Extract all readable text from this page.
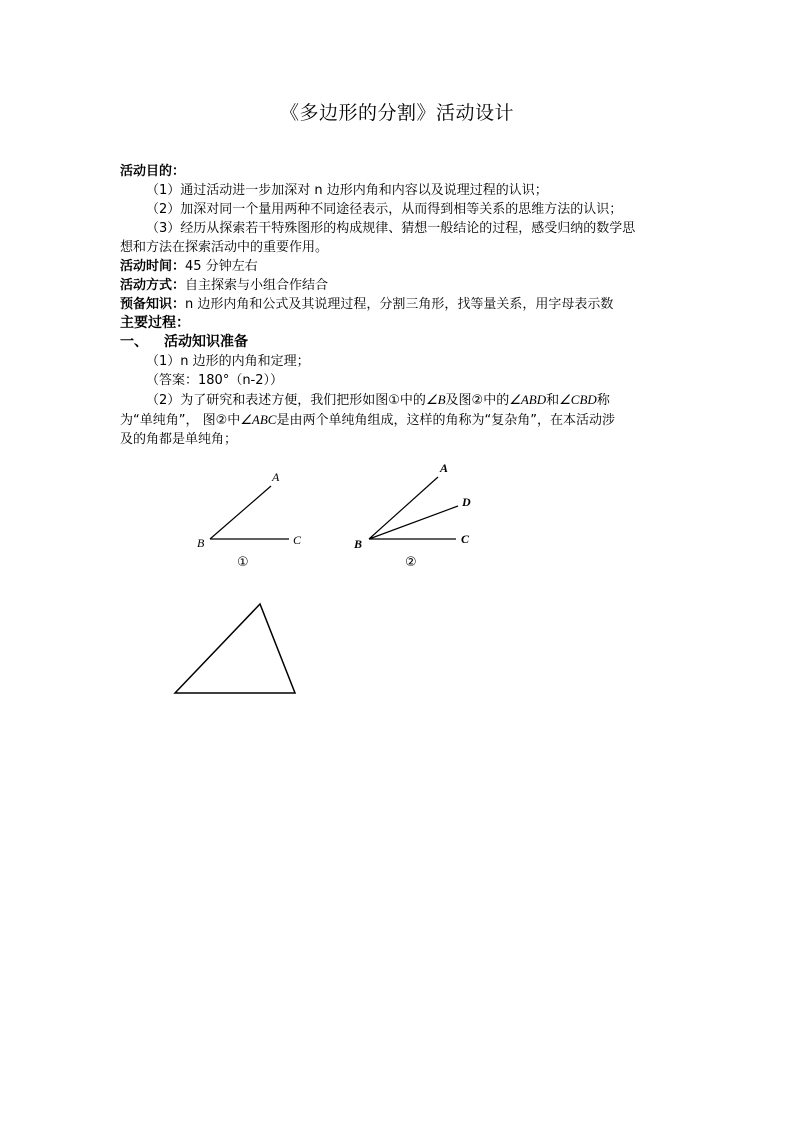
《多边形的分割》活动设计
活动目的：
（1）通过活动进一步加深对 n 边形内角和内容以及说理过程的认识；
（2）加深对同一个量用两种不同途径表示，从而得到相等关系的思维方法的认识；
（3）经历从探索若干特殊图形的构成规律、猜想一般结论的过程，感受归纳的数学思
想和方法在探索活动中的重要作用。
活动时间：45 分钟左右
活动方式：自主探索与小组合作结合
预备知识：n 边形内角和公式及其说理过程，分割三角形，找等量关系，用字母表示数
主要过程：
一、 活动知识准备
（1）n 边形的内角和定理；
（答案：180°（n-2））
（2）为了研究和表述方便，我们把形如图①中的∠B及图②中的∠ABD和∠CBD称
为“单纯角”， 图②中∠ABC是由两个单纯角组成，这样的角称为“复杂角”，在本活动涉
及的角都是单纯角；
A
B	C
①
A
D
C
B
②
